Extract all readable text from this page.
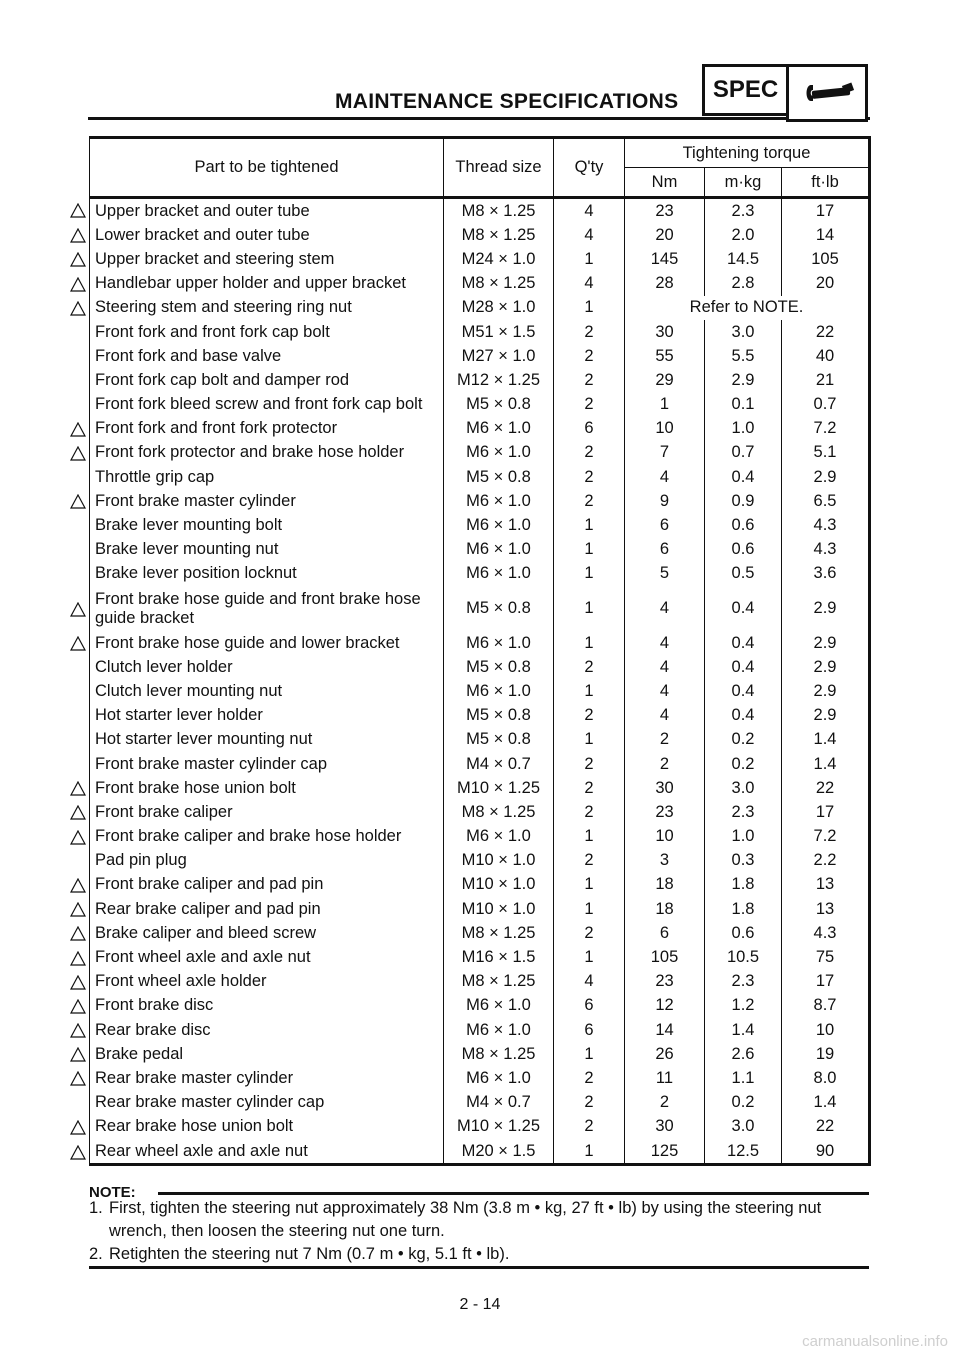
MAINTENANCE SPECIFICATIONS SPEC
Part to be tightened	Thread size	Q'ty	Tightening torque		
			Nm	m·kg	ft·lb
Upper bracket and outer tube	M8 × 1.25	4	23	2.3	17
Lower bracket and outer tube	M8 × 1.25	4	20	2.0	14
Upper bracket and steering stem	M24 × 1.0	1	145	14.5	105
Handlebar upper holder and upper bracket	M8 × 1.25	4	28	2.8	20
Steering stem and steering ring nut	M28 × 1.0	1	Refer to NOTE.		
Front fork and front fork cap bolt	M51 × 1.5	2	30	3.0	22
Front fork and base valve	M27 × 1.0	2	55	5.5	40
Front fork cap bolt and damper rod	M12 × 1.25	2	29	2.9	21
Front fork bleed screw and front fork cap bolt	M5 × 0.8	2	1	0.1	0.7
Front fork and front fork protector	M6 × 1.0	6	10	1.0	7.2
Front fork protector and brake hose holder	M6 × 1.0	2	7	0.7	5.1
Throttle grip cap	M5 × 0.8	2	4	0.4	2.9
Front brake master cylinder	M6 × 1.0	2	9	0.9	6.5
Brake lever mounting bolt	M6 × 1.0	1	6	0.6	4.3
Brake lever mounting nut	M6 × 1.0	1	6	0.6	4.3
Brake lever position locknut	M6 × 1.0	1	5	0.5	3.6
Front brake hose guide and front brake hose guide bracket	M5 × 0.8	1	4	0.4	2.9
Front brake hose guide and lower bracket	M6 × 1.0	1	4	0.4	2.9
Clutch lever holder	M5 × 0.8	2	4	0.4	2.9
Clutch lever mounting nut	M6 × 1.0	1	4	0.4	2.9
Hot starter lever holder	M5 × 0.8	2	4	0.4	2.9
Hot starter lever mounting nut	M5 × 0.8	1	2	0.2	1.4
Front brake master cylinder cap	M4 × 0.7	2	2	0.2	1.4
Front brake hose union bolt	M10 × 1.25	2	30	3.0	22
Front brake caliper	M8 × 1.25	2	23	2.3	17
Front brake caliper and brake hose holder	M6 × 1.0	1	10	1.0	7.2
Pad pin plug	M10 × 1.0	2	3	0.3	2.2
Front brake caliper and pad pin	M10 × 1.0	1	18	1.8	13
Rear brake caliper and pad pin	M10 × 1.0	1	18	1.8	13
Brake caliper and bleed screw	M8 × 1.25	2	6	0.6	4.3
Front wheel axle and axle nut	M16 × 1.5	1	105	10.5	75
Front wheel axle holder	M8 × 1.25	4	23	2.3	17
Front brake disc	M6 × 1.0	6	12	1.2	8.7
Rear brake disc	M6 × 1.0	6	14	1.4	10
Brake pedal	M8 × 1.25	1	26	2.6	19
Rear brake master cylinder	M6 × 1.0	2	11	1.1	8.0
Rear brake master cylinder cap	M4 × 0.7	2	2	0.2	1.4
Rear brake hose union bolt	M10 × 1.25	2	30	3.0	22
Rear wheel axle and axle nut	M20 × 1.5	1	125	12.5	90
NOTE:
1. First, tighten the steering nut approximately 38 Nm (3.8 m • kg, 27 ft • lb) by using the steering nut
wrench, then loosen the steering nut one turn.
2. Retighten the steering nut 7 Nm (0.7 m • kg, 5.1 ft • lb).
2 - 14
carmanualsonline.info
